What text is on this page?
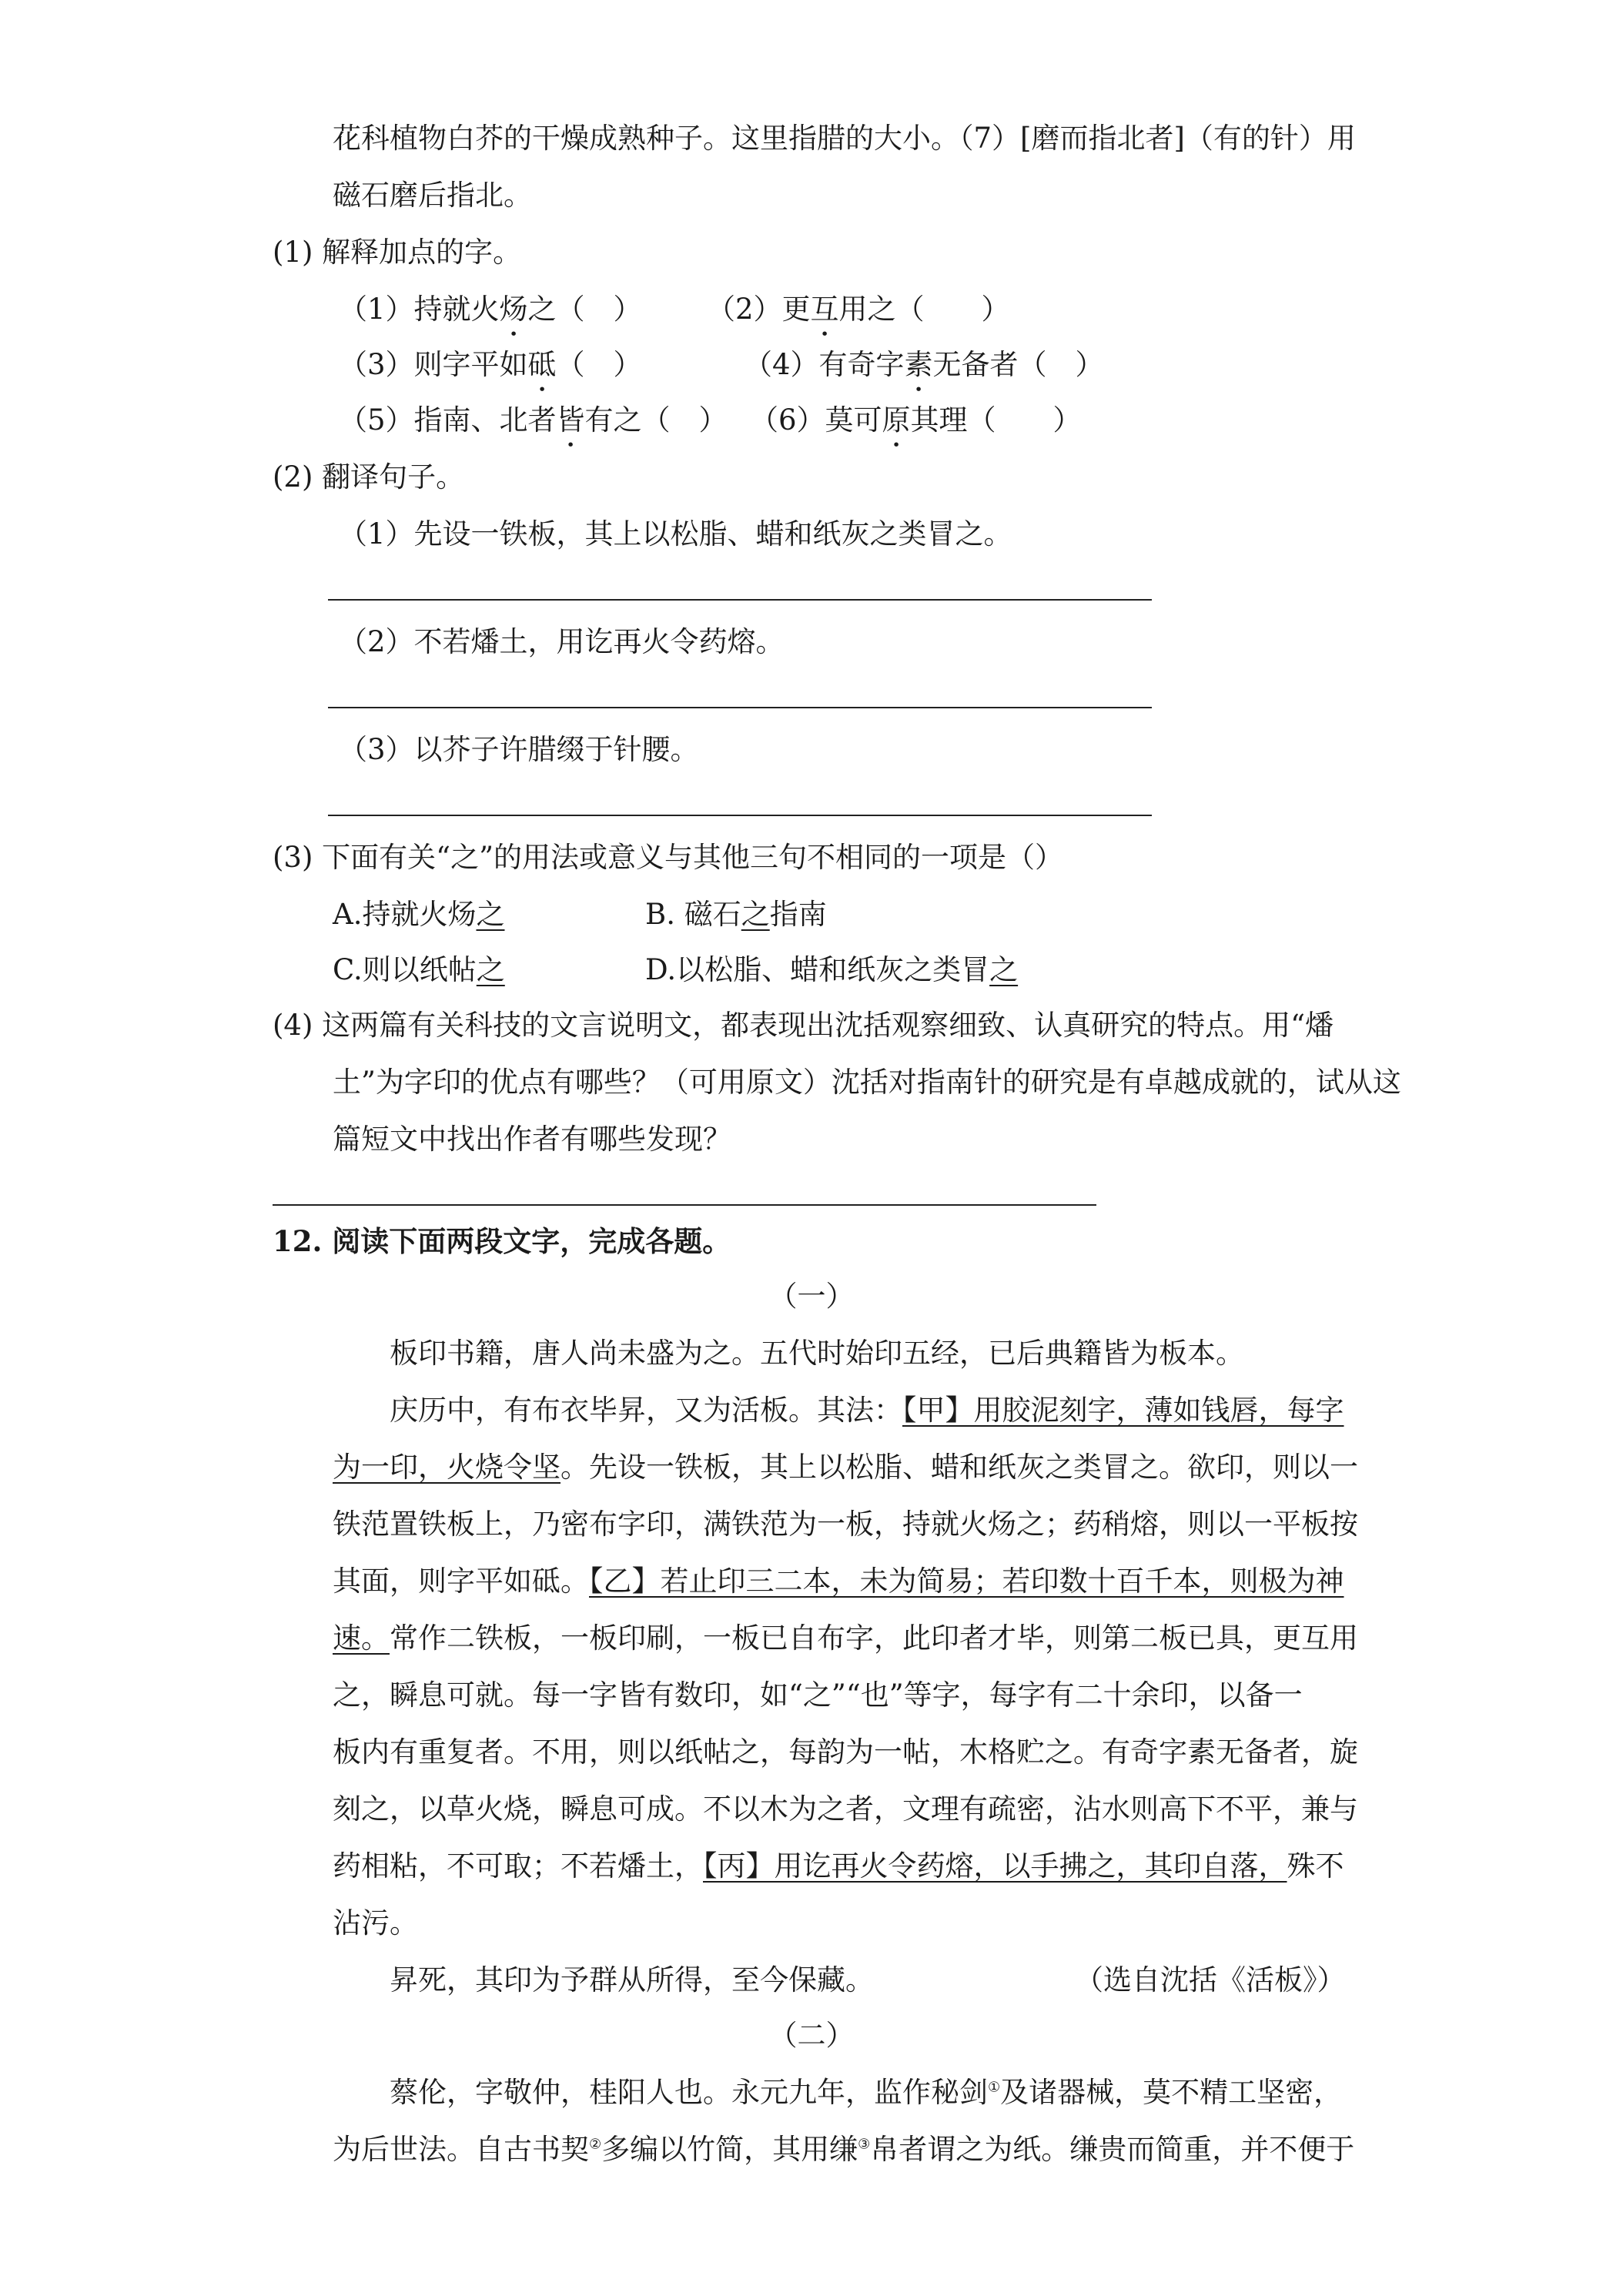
花科植物白芥的干燥成熟种子。这里指腊的大小。（7）[磨而指北者]（有的针）用
磁石磨后指北。
(1) 解释加点的字。
（1）持就火炀之（　） （2）更互用之（　　）
（3）则字平如砥（　）	（4）有奇字素无备者（　）
（5）指南、北者皆有之（　） （6）莫可原其理（　　）
(2) 翻译句子。
（1）先设一铁板，其上以松脂、蜡和纸灰之类冒之。
（2）不若燔土，用讫再火令药熔。
（3）以芥子许腊缀于针腰。
(3) 下面有关“之”的用法或意义与其他三句不相同的一项是（）
A.持就火炀之	B. 磁石之指南
C.则以纸帖之	D.以松脂、蜡和纸灰之类冒之
(4) 这两篇有关科技的文言说明文，都表现出沈括观察细致、认真研究的特点。用“燔
土”为字印的优点有哪些？（可用原文）沈括对指南针的研究是有卓越成就的，试从这
篇短文中找出作者有哪些发现？
12. 阅读下面两段文字，完成各题。
（一）
板印书籍，唐人尚未盛为之。五代时始印五经，已后典籍皆为板本。
庆历中，有布衣毕昇，又为活板。其法：【甲】用胶泥刻字，薄如钱唇，每字
为一印，火烧令坚。先设一铁板，其上以松脂、蜡和纸灰之类冒之。欲印，则以一
铁范置铁板上，乃密布字印，满铁范为一板，持就火炀之；药稍熔，则以一平板按
其面，则字平如砥。【乙】若止印三二本，未为简易；若印数十百千本，则极为神
速。常作二铁板，一板印刷，一板已自布字，此印者才毕，则第二板已具，更互用
之，瞬息可就。每一字皆有数印，如“之”“也”等字，每字有二十余印，以备一
板内有重复者。不用，则以纸帖之，每韵为一帖，木格贮之。有奇字素无备者，旋
刻之，以草火烧，瞬息可成。不以木为之者，文理有疏密，沾水则高下不平，兼与
药相粘，不可取；不若燔土，【丙】用讫再火令药熔，以手拂之，其印自落，殊不
沾污。
昇死，其印为予群从所得，至今保藏。	（选自沈括《活板》）
（二）
蔡伦，字敬仲，桂阳人也。永元九年，监作秘剑①及诸器械，莫不精工坚密，
为后世法。自古书契②多编以竹简，其用缣③帛者谓之为纸。缣贵而简重，并不便于
